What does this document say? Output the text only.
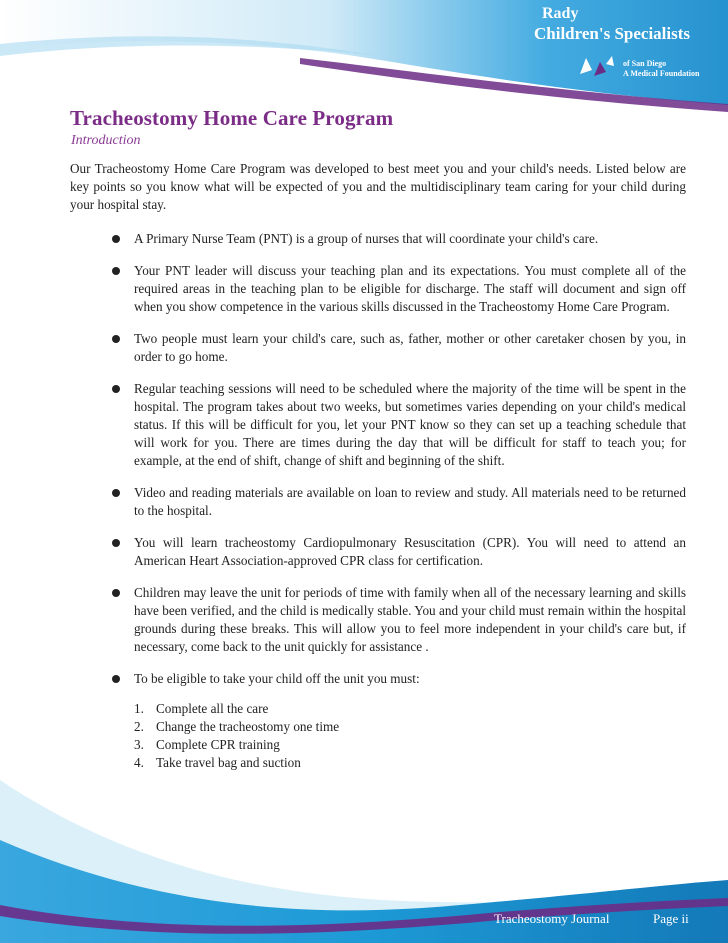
Rady
Children's Specialists
of San Diego
A Medical Foundation
Tracheostomy Home Care Program
Introduction
Our Tracheostomy Home Care Program was developed to best meet you and your child's needs. Listed below are key points so you know what will be expected of you and the multidisciplinary team caring for your child during your hospital stay.
A Primary Nurse Team (PNT) is a group of nurses that will coordinate your child's care.
Your PNT leader will discuss your teaching plan and its expectations. You must complete all of the required areas in the teaching plan to be eligible for discharge. The staff will document and sign off when you show competence in the various skills discussed in the Tracheostomy Home Care Program.
Two people must learn your child's care, such as, father, mother or other caretaker chosen by you, in order to go home.
Regular teaching sessions will need to be scheduled where the majority of the time will be spent in the hospital. The program takes about two weeks, but sometimes varies depending on your child's medical status. If this will be difficult for you, let your PNT know so they can set up a teaching schedule that will work for you. There are times during the day that will be difficult for staff to teach you; for example, at the end of shift, change of shift and beginning of the shift.
Video and reading materials are available on loan to review and study. All materials need to be returned to the hospital.
You will learn tracheostomy Cardiopulmonary Resuscitation (CPR). You will need to attend an American Heart Association-approved CPR class for certification.
Children may leave the unit for periods of time with family when all of the necessary learning and skills have been verified, and the child is medically stable. You and your child must remain within the hospital grounds during these breaks. This will allow you to feel more independent in your child's care but, if necessary, come back to the unit quickly for assistance .
To be eligible to take your child off the unit you must:
1. Complete all the care
2. Change the tracheostomy one time
3. Complete CPR training
4. Take travel bag and suction
Tracheostomy Journal	Page ii
